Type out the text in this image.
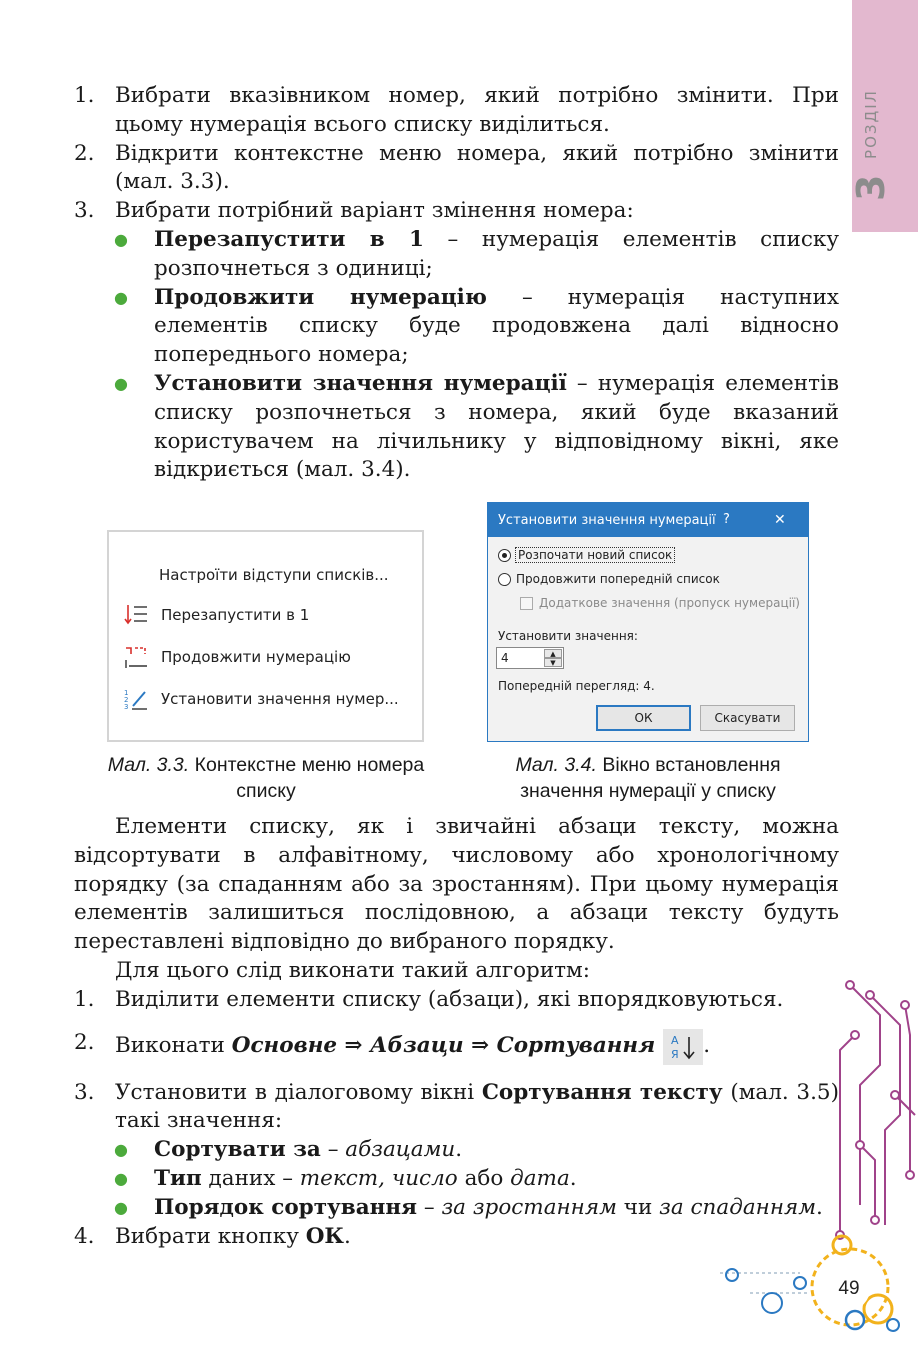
РОЗДІЛ
3
1. Вибрати вказівником номер, який потрібно змінити. При цьому нумерація всього списку виділиться.
2. Відкрити контекстне меню номера, який потрібно змінити (мал. 3.3).
3. Вибрати потрібний варіант змінення номера:
● Перезапустити в 1 – нумерація елементів списку розпочнеться з одиниці;
● Продовжити нумерацію – нумерація наступних елементів списку буде продовжена далі відносно попереднього номера;
● Установити значення нумерації – нумерація елементів списку розпочнеться з номера, який буде вказаний користувачем на лічильнику у відповідному вікні, яке відкриється (мал. 3.4).
Настроїти відступи списків...
Перезапустити в 1
Продовжити нумерацію
1
2
3 Установити значення нумер...
Мал. 3.3. Контекстне меню номера списку
Установити значення нумерації ?	✕
Розпочати новий список
Продовжити попередній список
Додаткове значення (пропуск нумерації)
Установити значення:
4	▲
▼
Попередній перегляд: 4.
ОК	Скасувати
Мал. 3.4. Вікно встановлення значення нумерації у списку
Елементи списку, як і звичайні абзаци тексту, можна відсортувати в алфавітному, числовому або хронологічному порядку (за спаданням або за зростанням). При цьому нумерація елементів залишиться послідовною, а абзаци тексту будуть переставлені відповідно до вибраного порядку.
Для цього слід виконати такий алгоритм:
1. Виділити елементи списку (абзаци), які впорядковуються.
2. Виконати
Основне ⇒ Абзаци ⇒ Сортування A
Я .
3. Установити в діалоговому вікні Сортування тексту (мал. 3.5) такі значення:
● Сортувати за – абзацами.
● Тип даних – текст, число або дата.
● Порядок сортування – за зростанням чи за спаданням.
4. Вибрати кнопку ОК.
49
